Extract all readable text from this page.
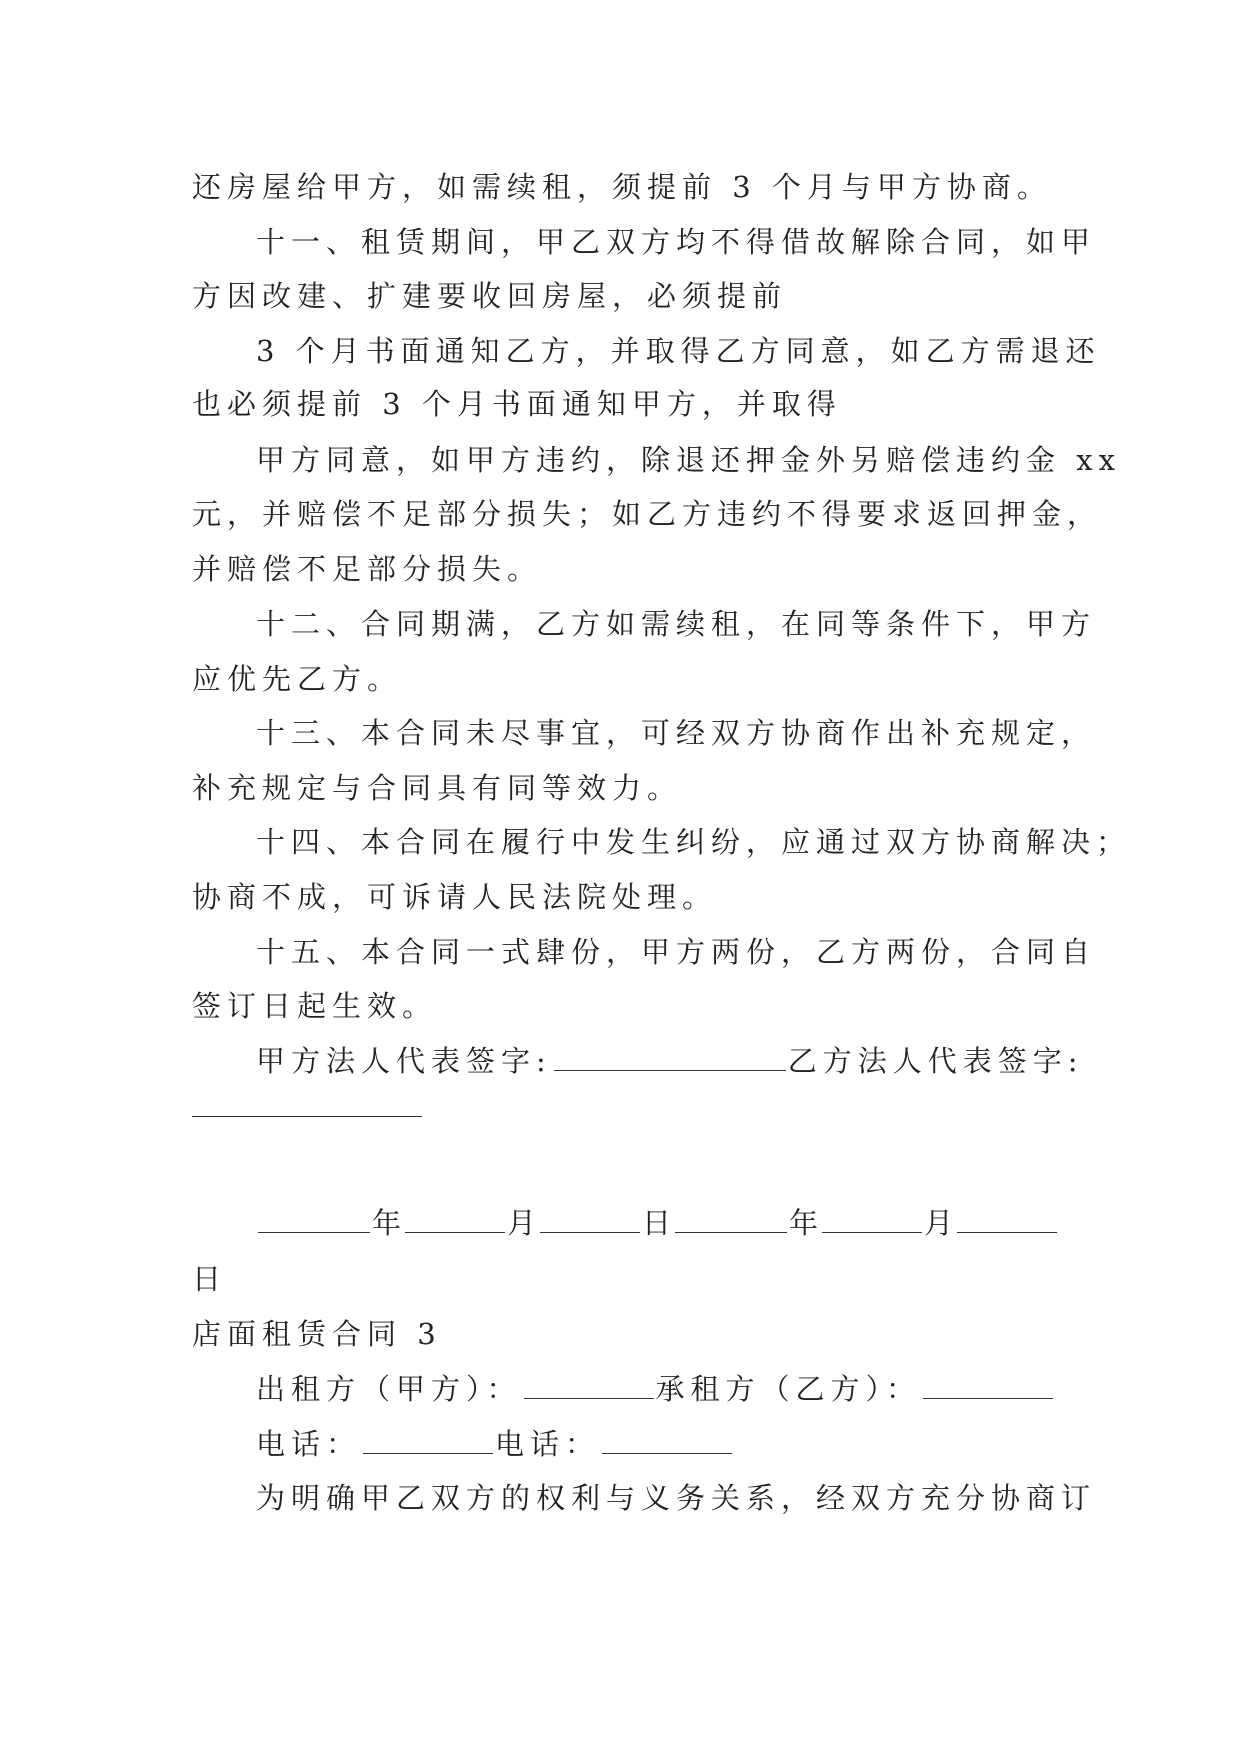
还房屋给甲方，如需续租，须提前 3 个月与甲方协商。
十一、租赁期间，甲乙双方均不得借故解除合同，如甲
方因改建、扩建要收回房屋，必须提前
3 个月书面通知乙方，并取得乙方同意，如乙方需退还
也必须提前 3 个月书面通知甲方，并取得
甲方同意，如甲方违约，除退还押金外另赔偿违约金 xx
元，并赔偿不足部分损失；如乙方违约不得要求返回押金，
并赔偿不足部分损失。
十二、合同期满，乙方如需续租，在同等条件下，甲方
应优先乙方。
十三、本合同未尽事宜，可经双方协商作出补充规定，
补充规定与合同具有同等效力。
十四、本合同在履行中发生纠纷，应通过双方协商解决；
协商不成，可诉请人民法院处理。
十五、本合同一式肆份，甲方两份，乙方两份，合同自
签订日起生效。
甲方法人代表签字:	乙方法人代表签字:
年	月	日	年	月
日
店面租赁合同 3
出租方（甲方）：	承租方（乙方）：
电话：	电话：
为明确甲乙双方的权利与义务关系，经双方充分协商订
